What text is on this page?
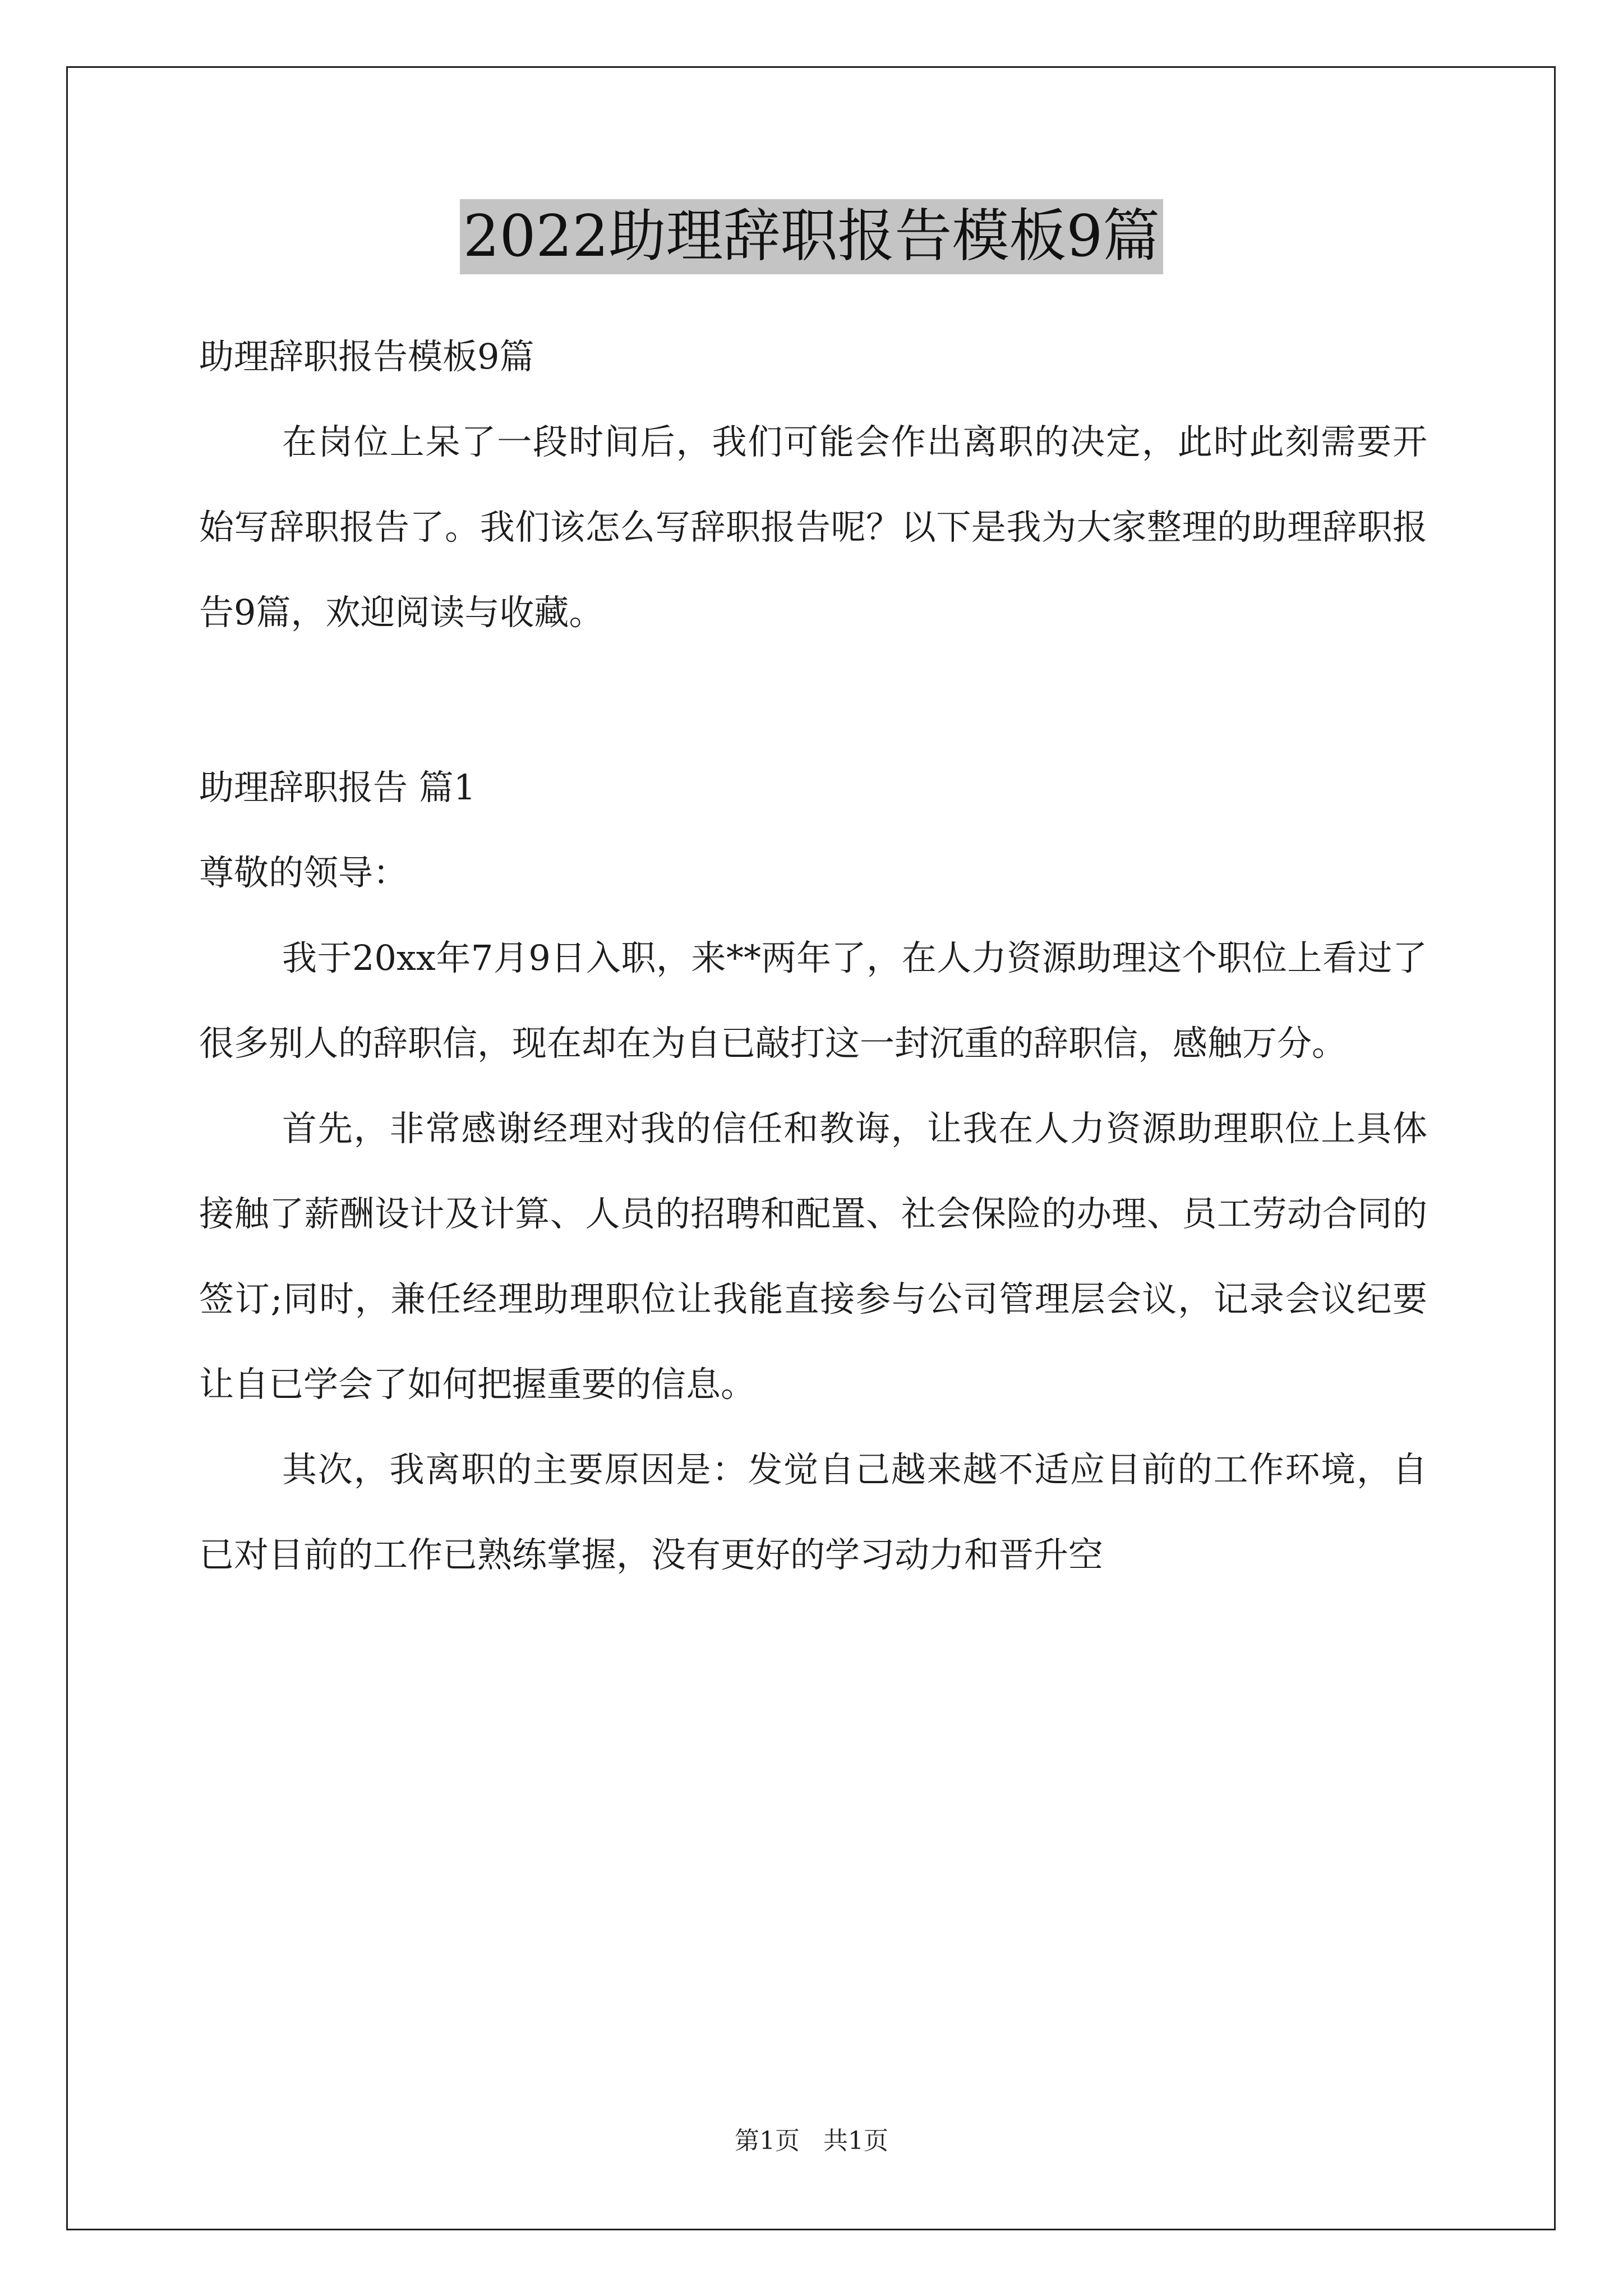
2022助理辞职报告模板9篇

助理辞职报告模板9篇

在岗位上呆了一段时间后，我们可能会作出离职的决定，此时此刻需要开始写辞职报告了。我们该怎么写辞职报告呢？以下是我为大家整理的助理辞职报告9篇，欢迎阅读与收藏。

助理辞职报告 篇1

尊敬的领导：

我于20xx年7月9日入职，来**两年了，在人力资源助理这个职位上看过了很多别人的辞职信，现在却在为自已敲打这一封沉重的辞职信，感触万分。

首先，非常感谢经理对我的信任和教诲，让我在人力资源助理职位上具体接触了薪酬设计及计算、人员的招聘和配置、社会保险的办理、员工劳动合同的签订;同时，兼任经理助理职位让我能直接参与公司管理层会议，记录会议纪要让自已学会了如何把握重要的信息。

其次，我离职的主要原因是：发觉自己越来越不适应目前的工作环境，自已对目前的工作已熟练掌握，没有更好的学习动力和晋升空

第1页   共1页
